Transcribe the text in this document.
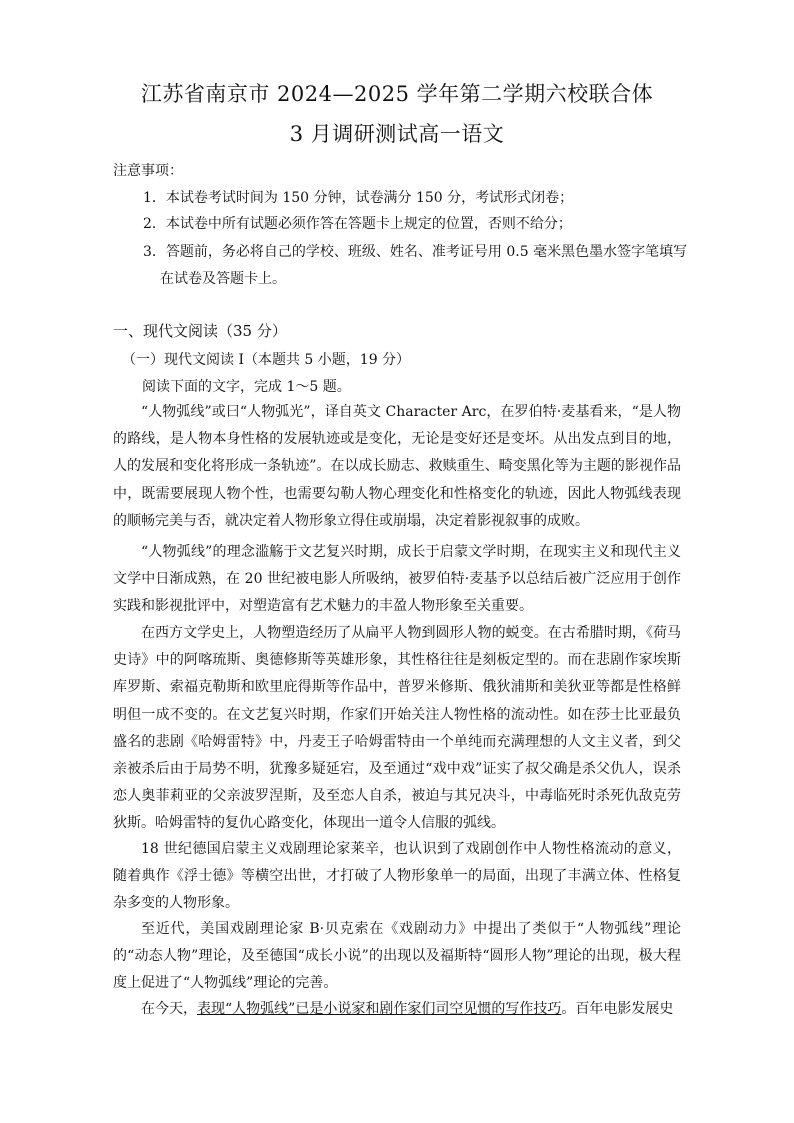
江苏省南京市 2024—2025 学年第二学期六校联合体
3 月调研测试高一语文
注意事项：
1．本试卷考试时间为 150 分钟，试卷满分 150 分，考试形式闭卷；
2．本试卷中所有试题必须作答在答题卡上规定的位置，否则不给分；
3．答题前，务必将自己的学校、班级、姓名、准考证号用 0.5 毫米黑色墨水签字笔填写
在试卷及答题卡上。
一、现代文阅读（35 分）
（一）现代文阅读 I（本题共 5 小题，19 分）
阅读下面的文字，完成 1～5 题。

“人物弧线”或曰“人物弧光”，译自英文 Character Arc，在罗伯特·麦基看来，“是人物的路线，是人物本身性格的发展轨迹或是变化，无论是变好还是变坏。从出发点到目的地，人的发展和变化将形成一条轨迹”。在以成长励志、救赎重生、畸变黑化等为主题的影视作品中，既需要展现人物个性，也需要勾勒人物心理变化和性格变化的轨迹，因此人物弧线表现的顺畅完美与否，就决定着人物形象立得住或崩塌，决定着影视叙事的成败。

“人物弧线”的理念滥觞于文艺复兴时期，成长于启蒙文学时期，在现实主义和现代主义文学中日渐成熟，在 20 世纪被电影人所吸纳，被罗伯特·麦基予以总结后被广泛应用于创作实践和影视批评中，对塑造富有艺术魅力的丰盈人物形象至关重要。

在西方文学史上，人物塑造经历了从扁平人物到圆形人物的蜕变。在古希腊时期，《荷马史诗》中的阿喀琉斯、奥德修斯等英雄形象，其性格往往是刻板定型的。而在悲剧作家埃斯库罗斯、索福克勒斯和欧里庇得斯等作品中，普罗米修斯、俄狄浦斯和美狄亚等都是性格鲜明但一成不变的。在文艺复兴时期，作家们开始关注人物性格的流动性。如在莎士比亚最负盛名的悲剧《哈姆雷特》中，丹麦王子哈姆雷特由一个单纯而充满理想的人文主义者，到父亲被杀后由于局势不明，犹豫多疑延宕，及至通过“戏中戏”证实了叔父确是杀父仇人，误杀恋人奥菲莉亚的父亲波罗涅斯，及至恋人自杀，被迫与其兄决斗，中毒临死时杀死仇敌克劳狄斯。哈姆雷特的复仇心路变化，体现出一道令人信服的弧线。

18 世纪德国启蒙主义戏剧理论家莱辛，也认识到了戏剧创作中人物性格流动的意义，随着典作《浮士德》等横空出世，才打破了人物形象单一的局面，出现了丰满立体、性格复杂多变的人物形象。

至近代，美国戏剧理论家 B·贝克索在《戏剧动力》中提出了类似于“人物弧线”理论的“动态人物”理论，及至德国“成长小说”的出现以及福斯特“圆形人物”理论的出现，极大程度上促进了“人物弧线”理论的完善。

在今天，表现“人物弧线”已是小说家和剧作家们司空见惯的写作技巧。百年电影发展史
